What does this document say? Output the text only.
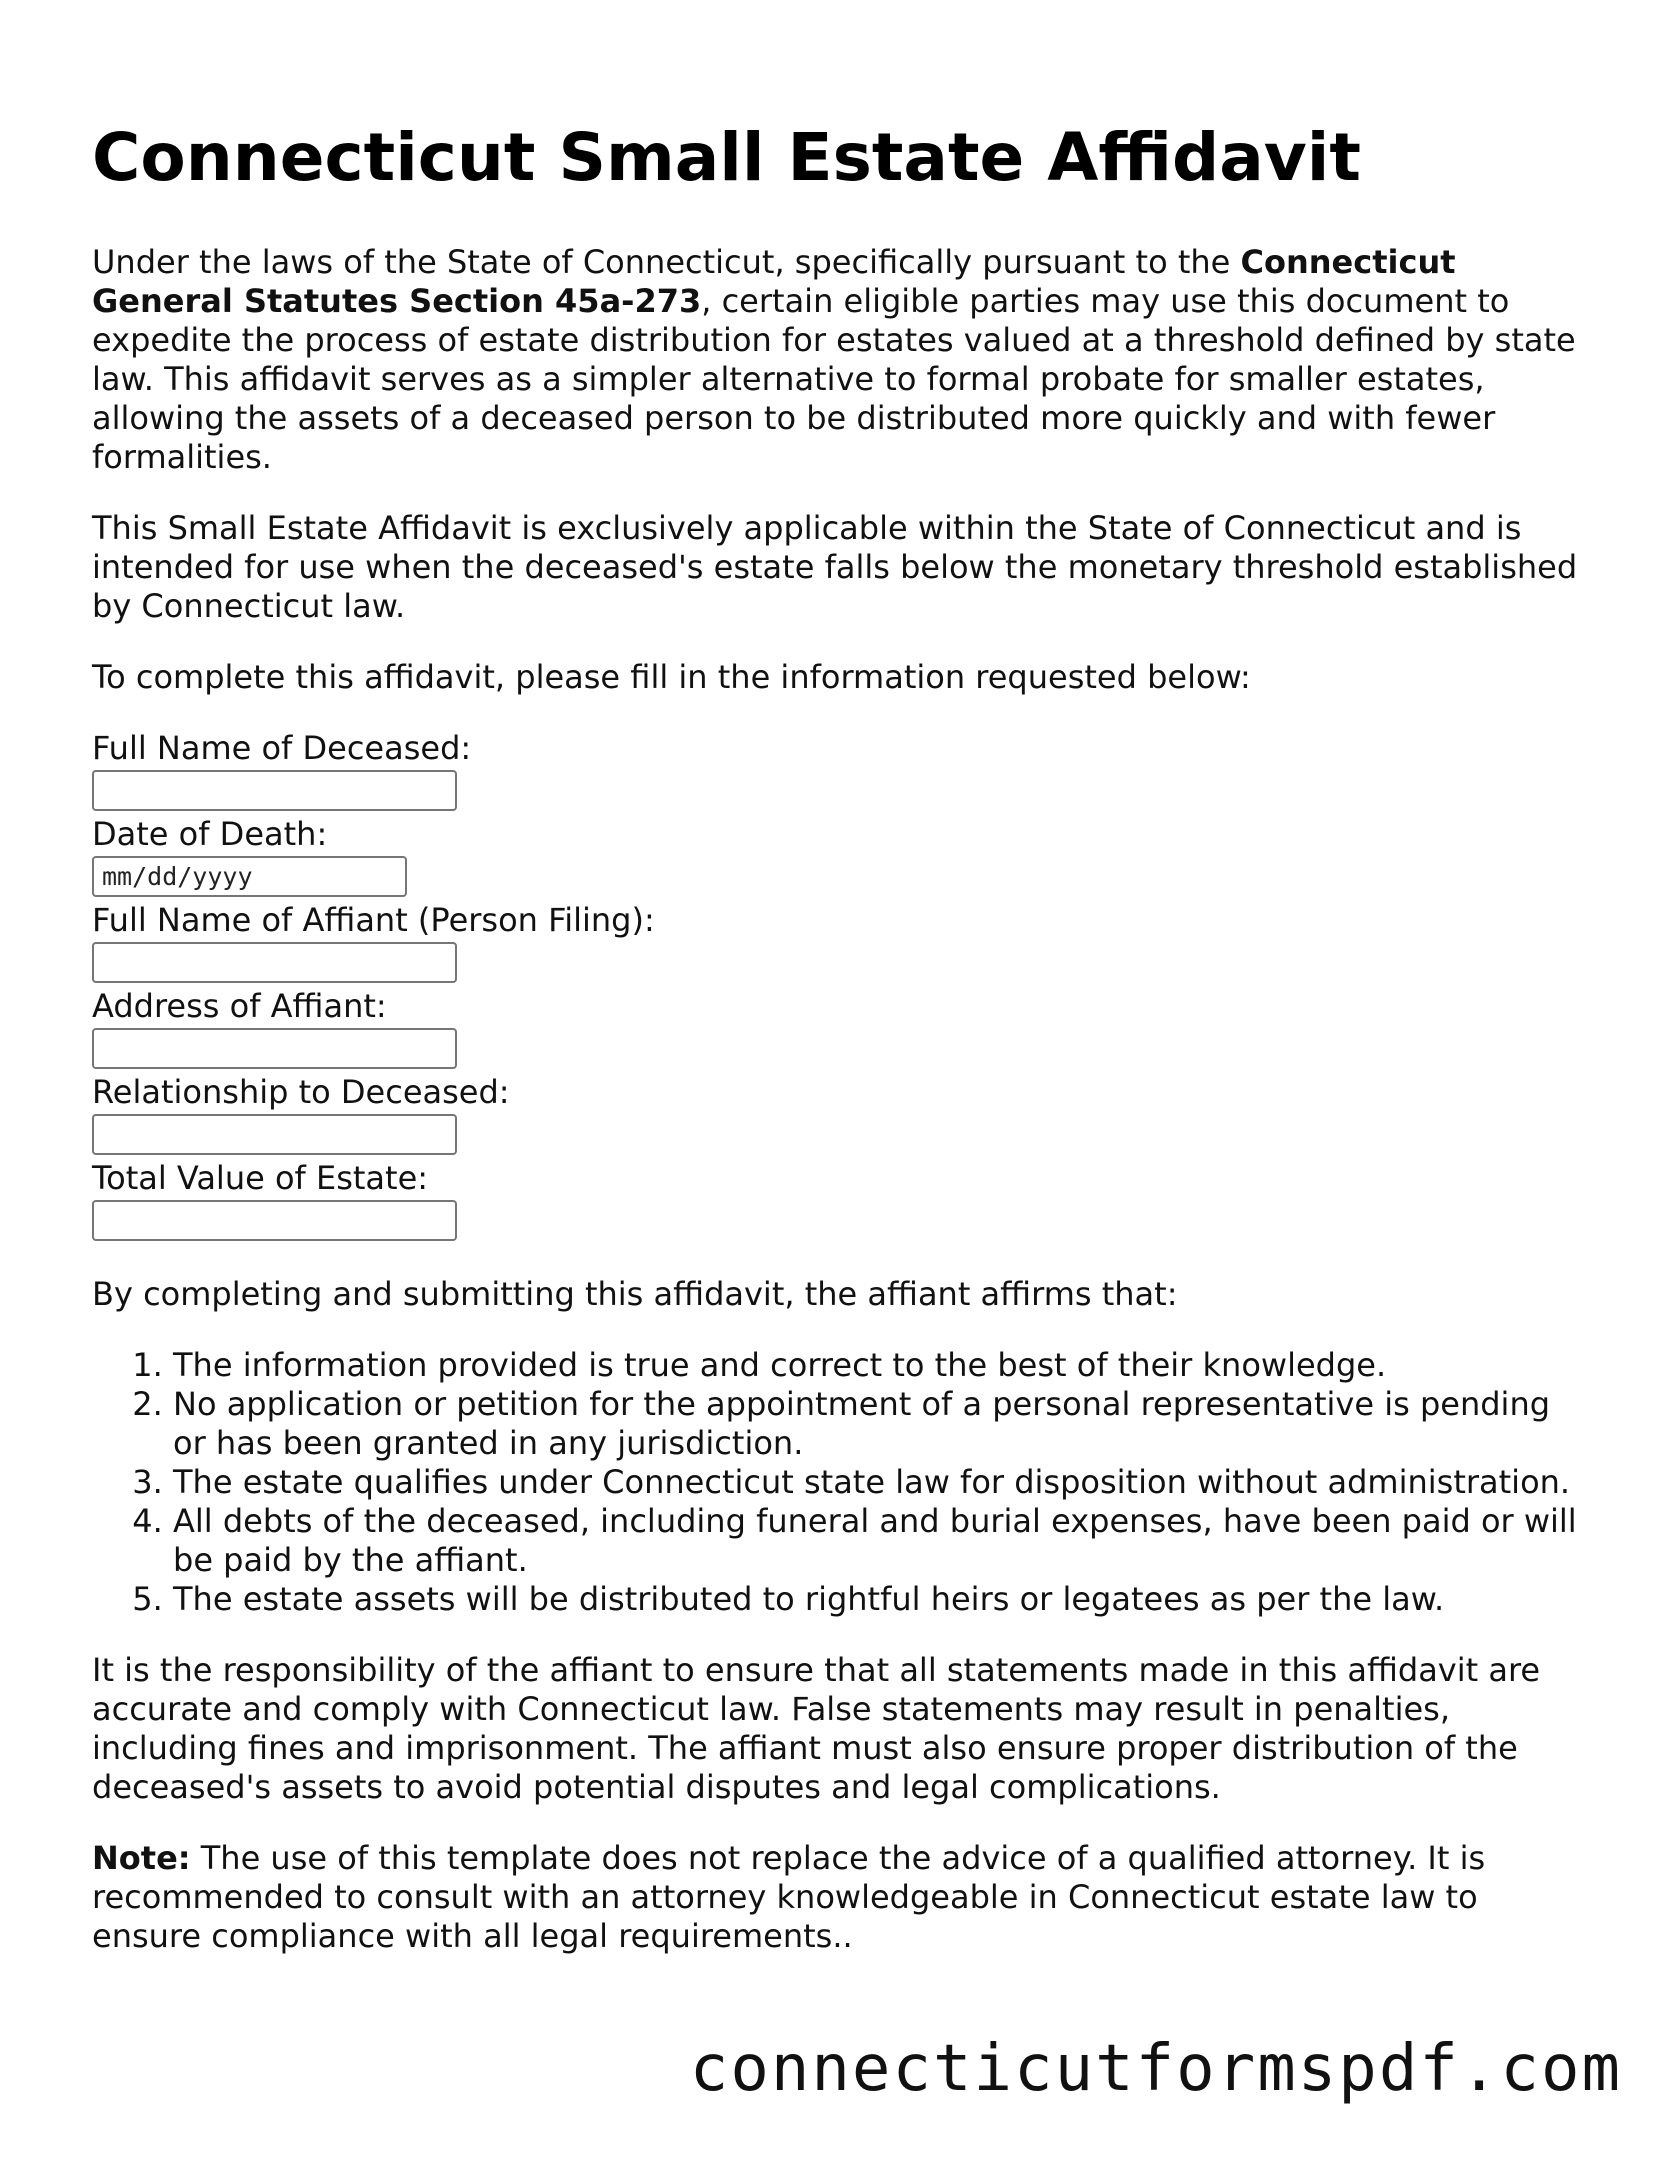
Connecticut Small Estate Affidavit

Under the laws of the State of Connecticut, specifically pursuant to the Connecticut General Statutes Section 45a-273, certain eligible parties may use this document to expedite the process of estate distribution for estates valued at a threshold defined by state law. This affidavit serves as a simpler alternative to formal probate for smaller estates, allowing the assets of a deceased person to be distributed more quickly and with fewer formalities.

This Small Estate Affidavit is exclusively applicable within the State of Connecticut and is intended for use when the deceased's estate falls below the monetary threshold established by Connecticut law.

To complete this affidavit, please fill in the information requested below:

Full Name of Deceased:
Date of Death:
mm/dd/yyyy
Full Name of Affiant (Person Filing):
Address of Affiant:
Relationship to Deceased:
Total Value of Estate:

By completing and submitting this affidavit, the affiant affirms that:

1. The information provided is true and correct to the best of their knowledge.
2. No application or petition for the appointment of a personal representative is pending or has been granted in any jurisdiction.
3. The estate qualifies under Connecticut state law for disposition without administration.
4. All debts of the deceased, including funeral and burial expenses, have been paid or will be paid by the affiant.
5. The estate assets will be distributed to rightful heirs or legatees as per the law.

It is the responsibility of the affiant to ensure that all statements made in this affidavit are accurate and comply with Connecticut law. False statements may result in penalties, including fines and imprisonment. The affiant must also ensure proper distribution of the deceased's assets to avoid potential disputes and legal complications.

Note: The use of this template does not replace the advice of a qualified attorney. It is recommended to consult with an attorney knowledgeable in Connecticut estate law to ensure compliance with all legal requirements..

connecticutformspdf.com
